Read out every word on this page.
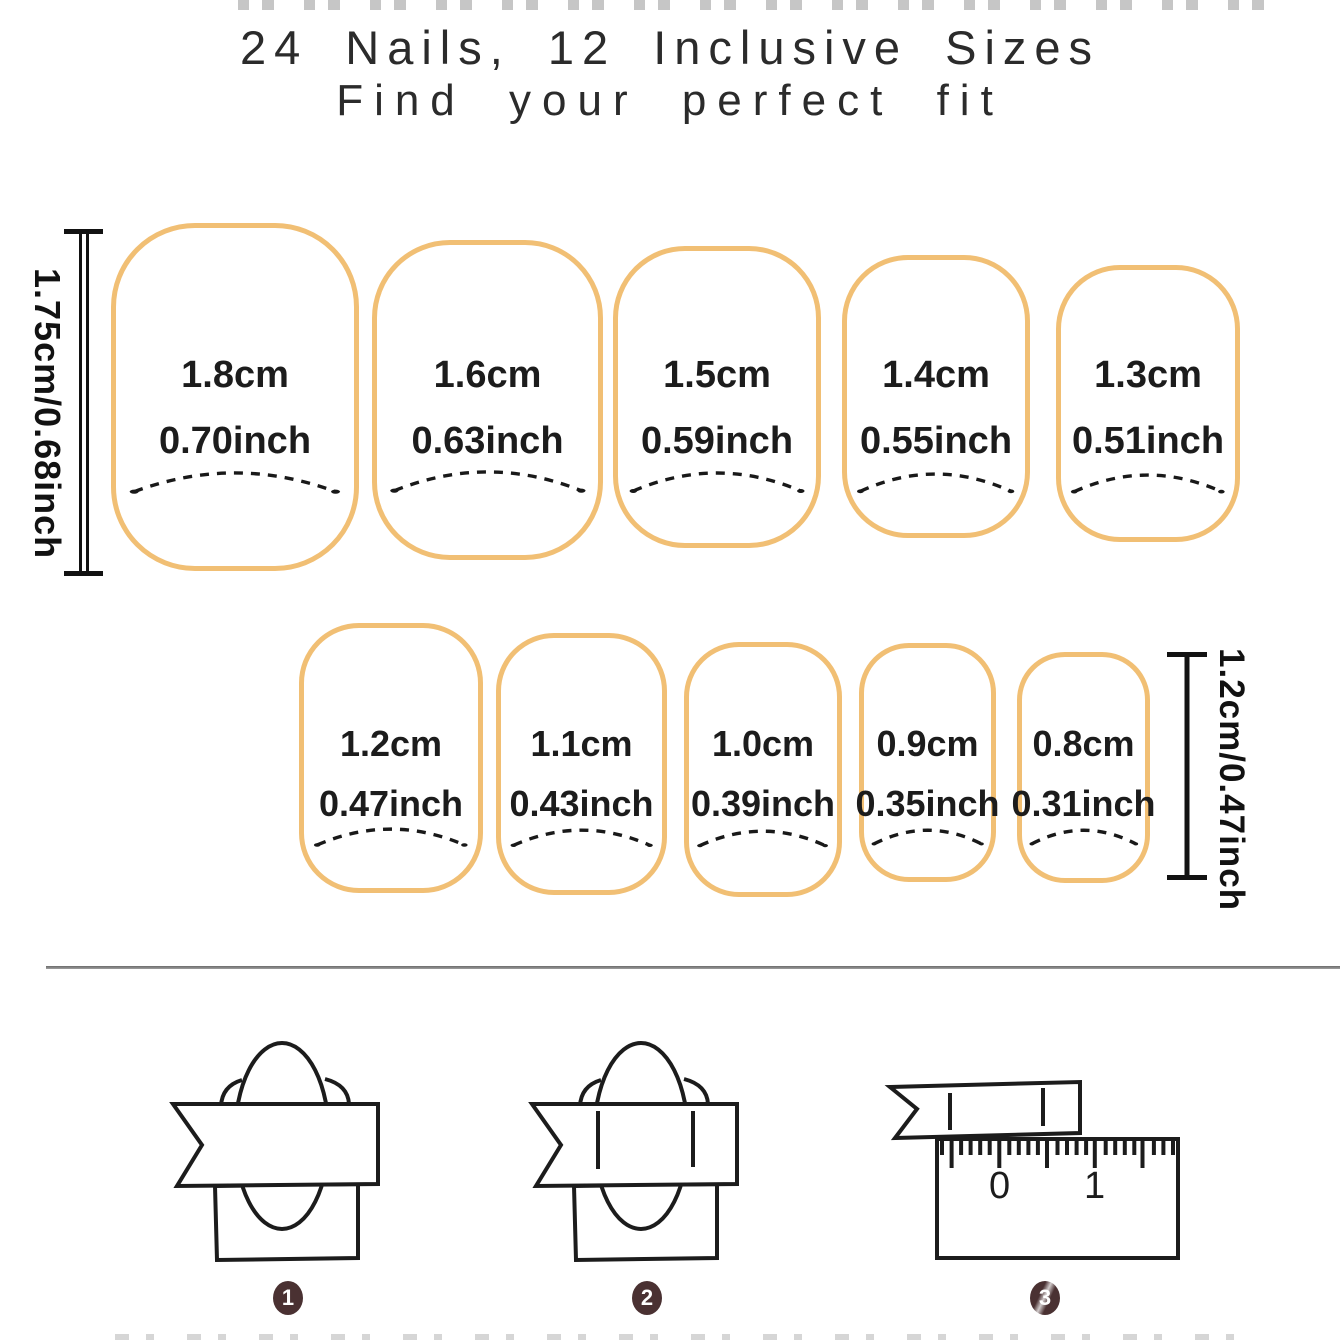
24 Nails, 12 Inclusive Sizes
Find your perfect fit
1.75cm/0.68inch	1.8cm
0.70inch
1.6cm
0.63inch
1.5cm
0.59inch
1.4cm
0.55inch
1.3cm
0.51inch
1.2cm
0.47inch
1.1cm
0.43inch
1.0cm
0.39inch
0.9cm
0.35inch
0.8cm
0.31inch 1.2cm/0.47inch
0 1
1	2	3
